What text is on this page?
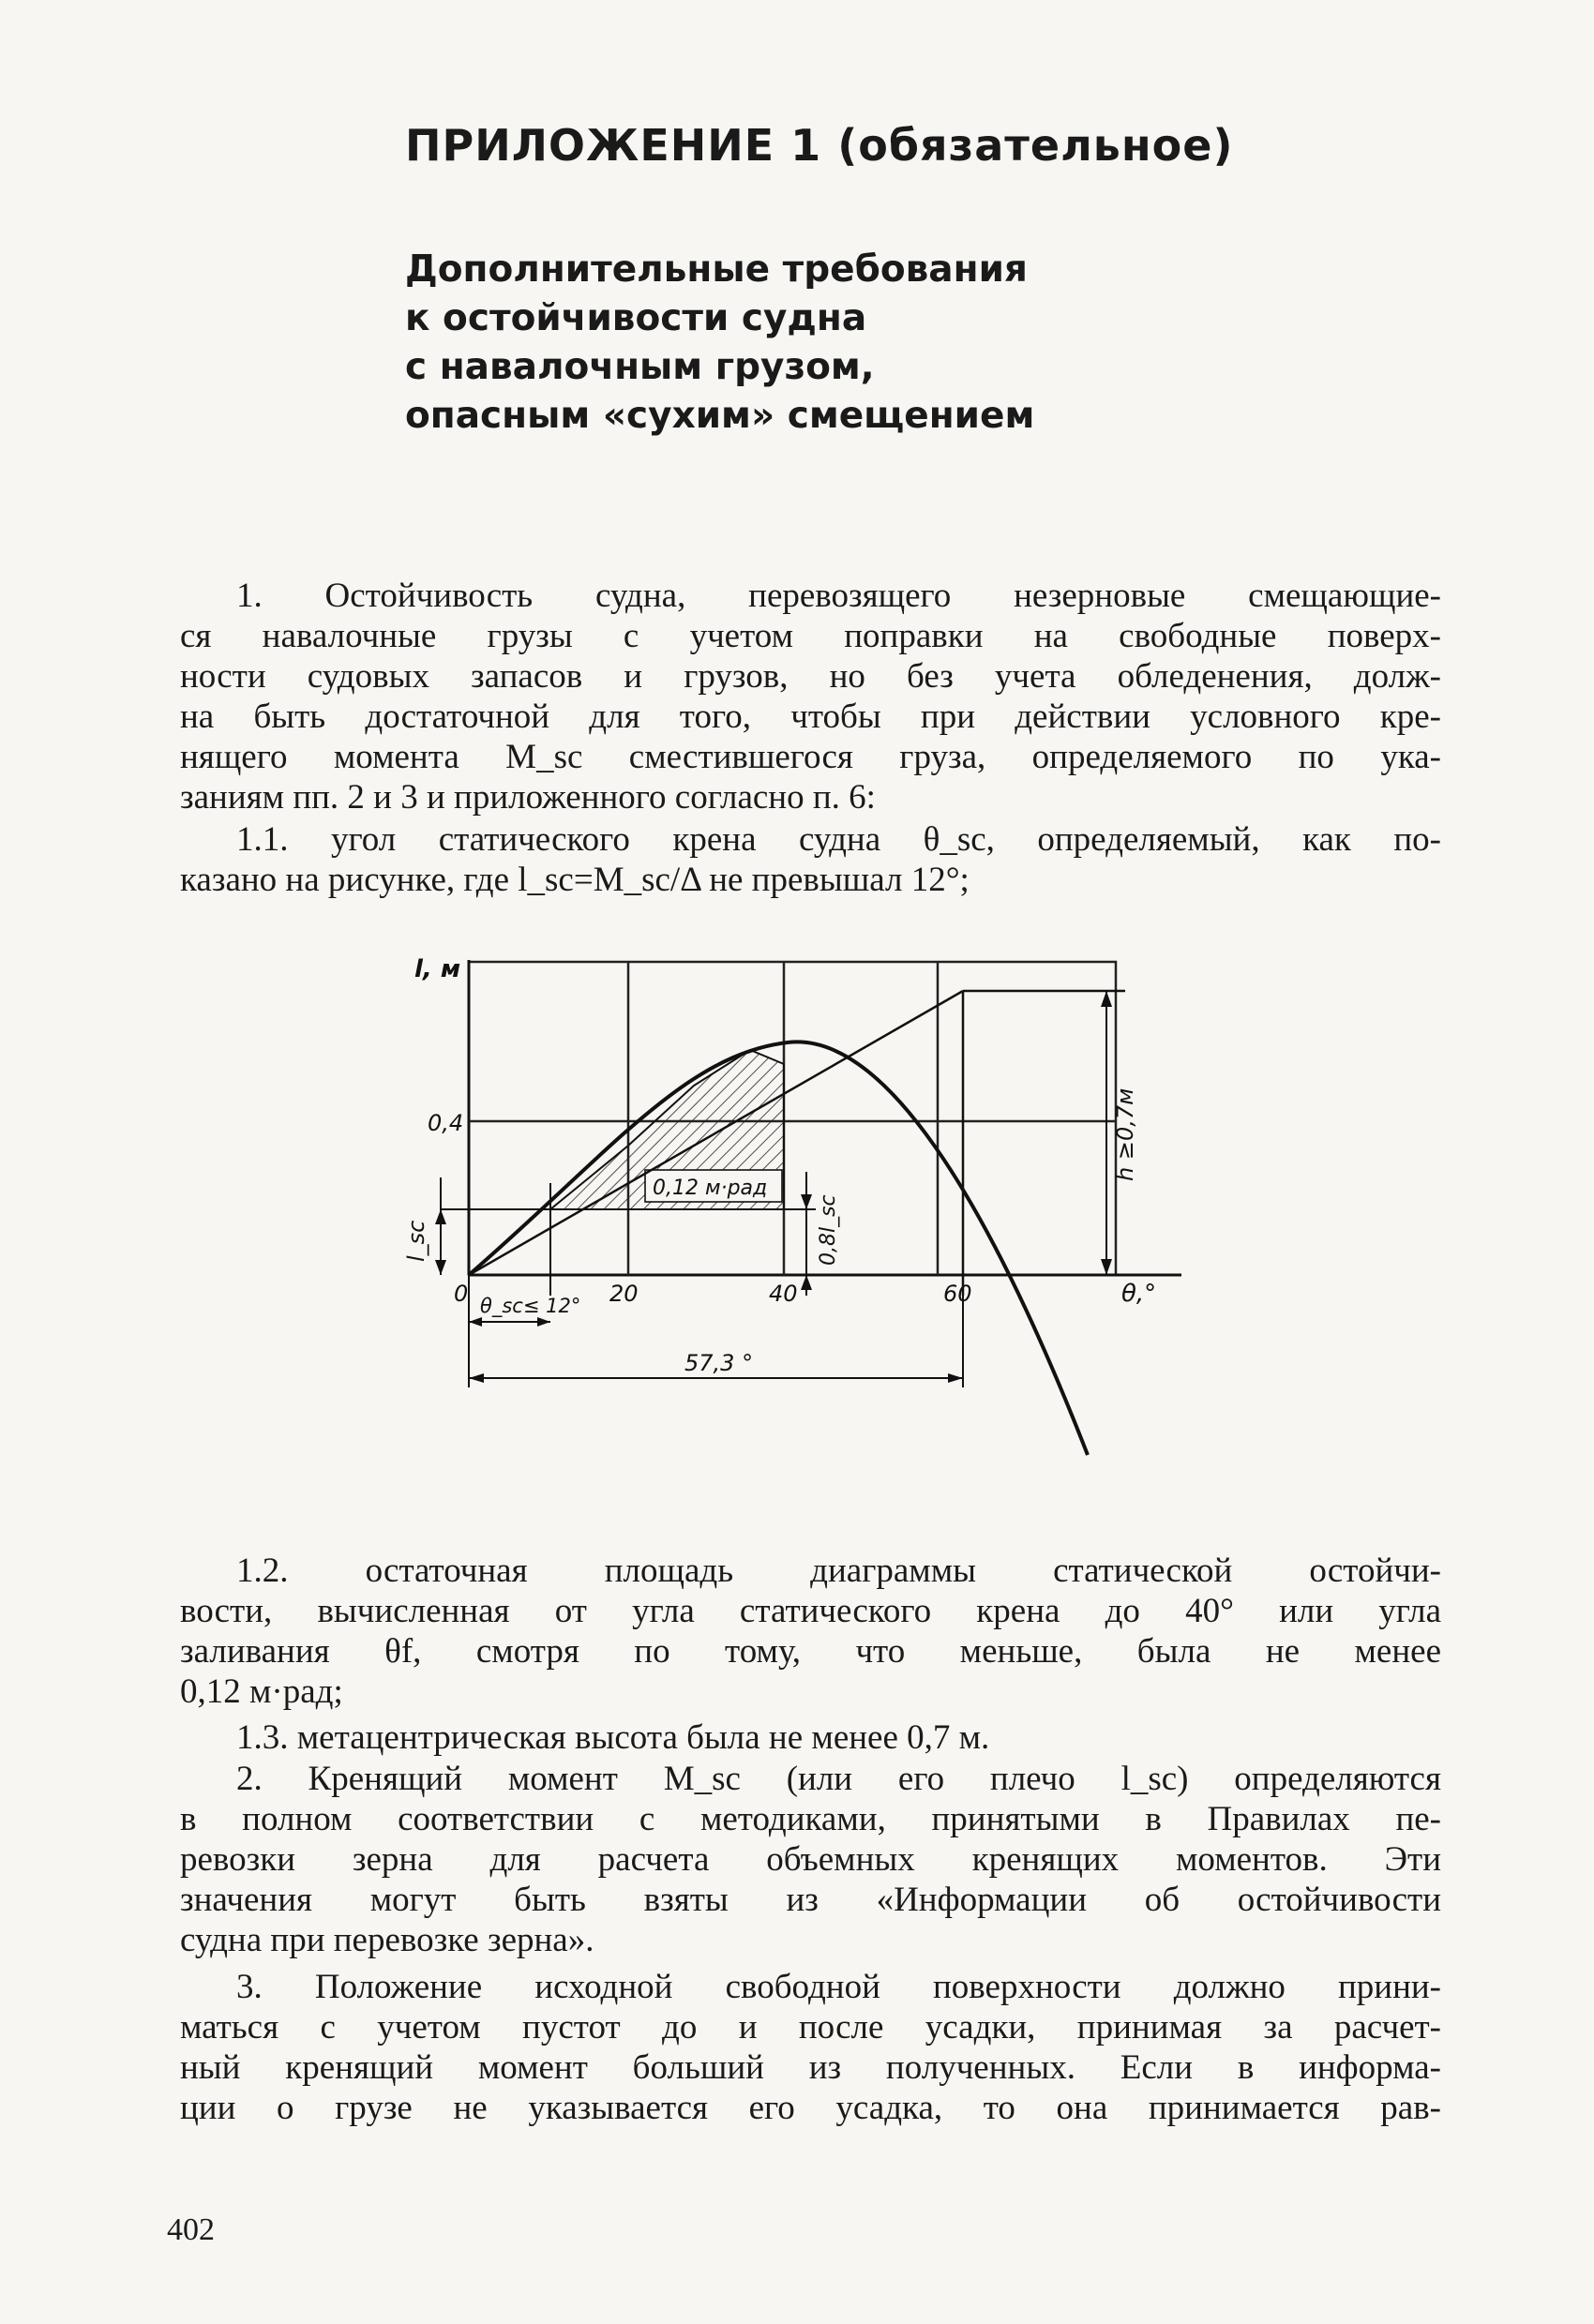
ПРИЛОЖЕНИЕ 1 (обязательное)
Дополнительные требования
к остойчивости судна
с навалочным грузом,
опасным «сухим» смещением
1. Остойчивость судна, перевозящего незерновые смещающие-
ся навалочные грузы с учетом поправки на свободные поверх-
ности судовых запасов и грузов, но без учета обледенения, долж-
на быть достаточной для того, чтобы при действии условного кре-
нящего момента M_sc сместившегося груза, определяемого по ука-
заниям пп. 2 и 3 и приложенного согласно п. 6:
1.1. угол статического крена судна θ_sc, определяемый, как по-
казано на рисунке, где l_sc=M_sc/Δ не превышал 12°;
0,12 м·рад
l, м
0,4
0	20	40	60	θ,°
θ_sc≤ 12°
57,3 °
l_sc	0,8l_sc
h ≥0,7м
1.2. остаточная площадь диаграммы статической остойчи-
вости, вычисленная от угла статического крена до 40° или угла
заливания θf, смотря по тому, что меньше, была не менее
0,12 м·рад;
1.3. метацентрическая высота была не менее 0,7 м.
2. Кренящий момент M_sc (или его плечо l_sc) определяются
в полном соответствии с методиками, принятыми в Правилах пе-
ревозки зерна для расчета объемных кренящих моментов. Эти
значения могут быть взяты из «Информации об остойчивости
судна при перевозке зерна».
3. Положение исходной свободной поверхности должно прини-
маться с учетом пустот до и после усадки, принимая за расчет-
ный кренящий момент больший из полученных. Если в информа-
ции о грузе не указывается его усадка, то она принимается рав-
402
